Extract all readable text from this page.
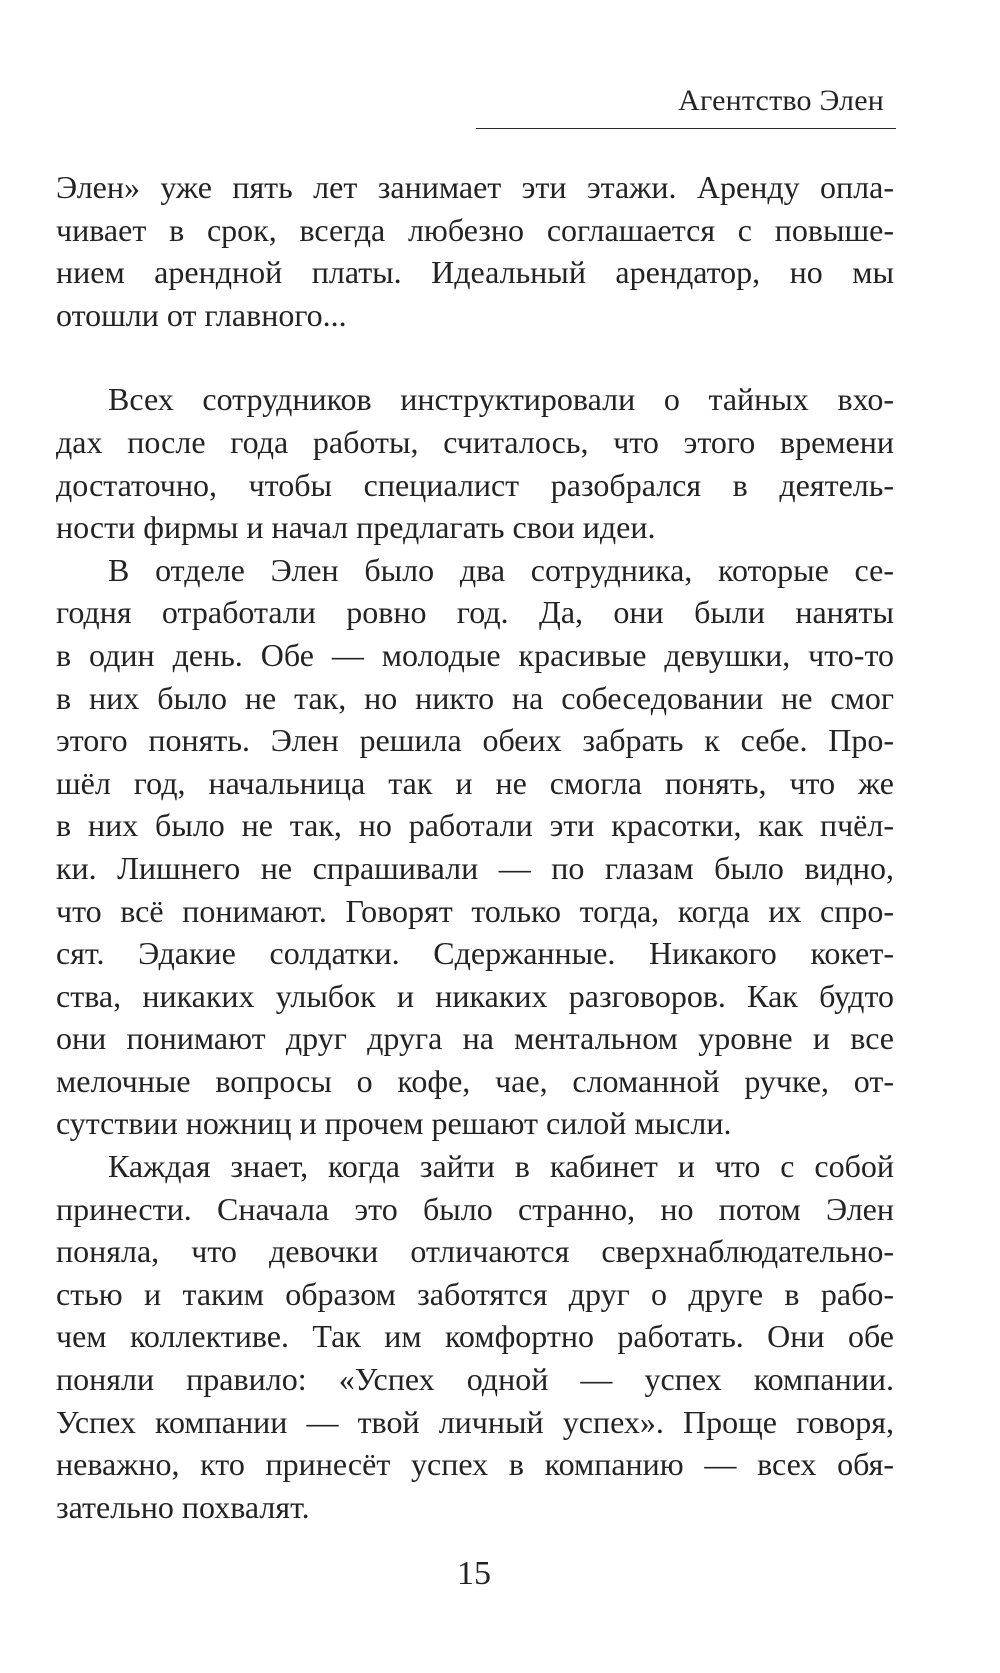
Агентство Элен

Элен» уже пять лет занимает эти этажи. Аренду опла-
чивает в срок, всегда любезно соглашается с повыше-
нием арендной платы. Идеальный арендатор, но мы
отошли от главного...

Всех сотрудников инструктировали о тайных вхо-
дах после года работы, считалось, что этого времени
достаточно, чтобы специалист разобрался в деятель-
ности фирмы и начал предлагать свои идеи.

В отделе Элен было два сотрудника, которые се-
годня отработали ровно год. Да, они были наняты
в один день. Обе — молодые красивые девушки, что-то
в них было не так, но никто на собеседовании не смог
этого понять. Элен решила обеих забрать к себе. Про-
шёл год, начальница так и не смогла понять, что же
в них было не так, но работали эти красотки, как пчёл-
ки. Лишнего не спрашивали — по глазам было видно,
что всё понимают. Говорят только тогда, когда их спро-
сят. Эдакие солдатки. Сдержанные. Никакого кокет-
ства, никаких улыбок и никаких разговоров. Как будто
они понимают друг друга на ментальном уровне и все
мелочные вопросы о кофе, чае, сломанной ручке, от-
сутствии ножниц и прочем решают силой мысли.

Каждая знает, когда зайти в кабинет и что с собой
принести. Сначала это было странно, но потом Элен
поняла, что девочки отличаются сверхнаблюдательно-
стью и таким образом заботятся друг о друге в рабо-
чем коллективе. Так им комфортно работать. Они обе
поняли правило: «Успех одной — успех компании.
Успех компании — твой личный успех». Проще говоря,
неважно, кто принесёт успех в компанию — всех обя-
зательно похвалят.

15
